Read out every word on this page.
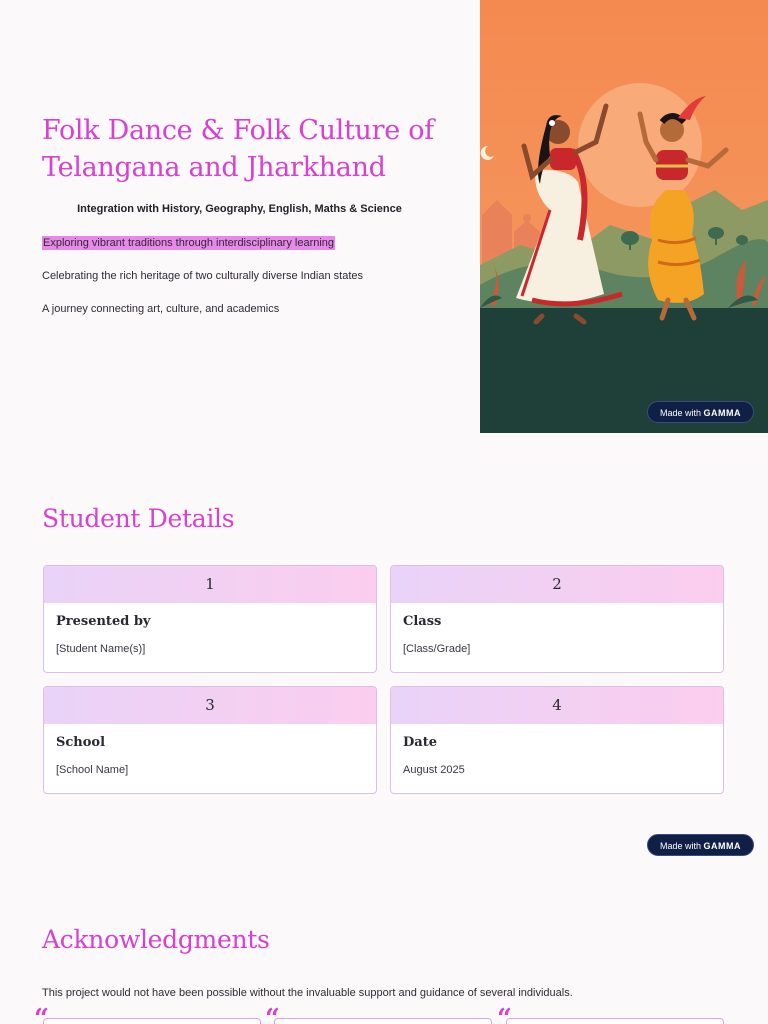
Folk Dance & Folk Culture of
Telangana and Jharkhand
Integration with History, Geography, English, Maths & Science
Exploring vibrant traditions through interdisciplinary learning
Celebrating the rich heritage of two culturally diverse Indian states
A journey connecting art, culture, and academics
Made with GAMMA
Student Details
1
Presented by
[Student Name(s)]
2
Class
[Class/Grade]
3
School
[School Name]
4
Date
August 2025
Made with GAMMA
Acknowledgments
This project would not have been possible without the invaluable support and guidance of several individuals.
“	“	“
